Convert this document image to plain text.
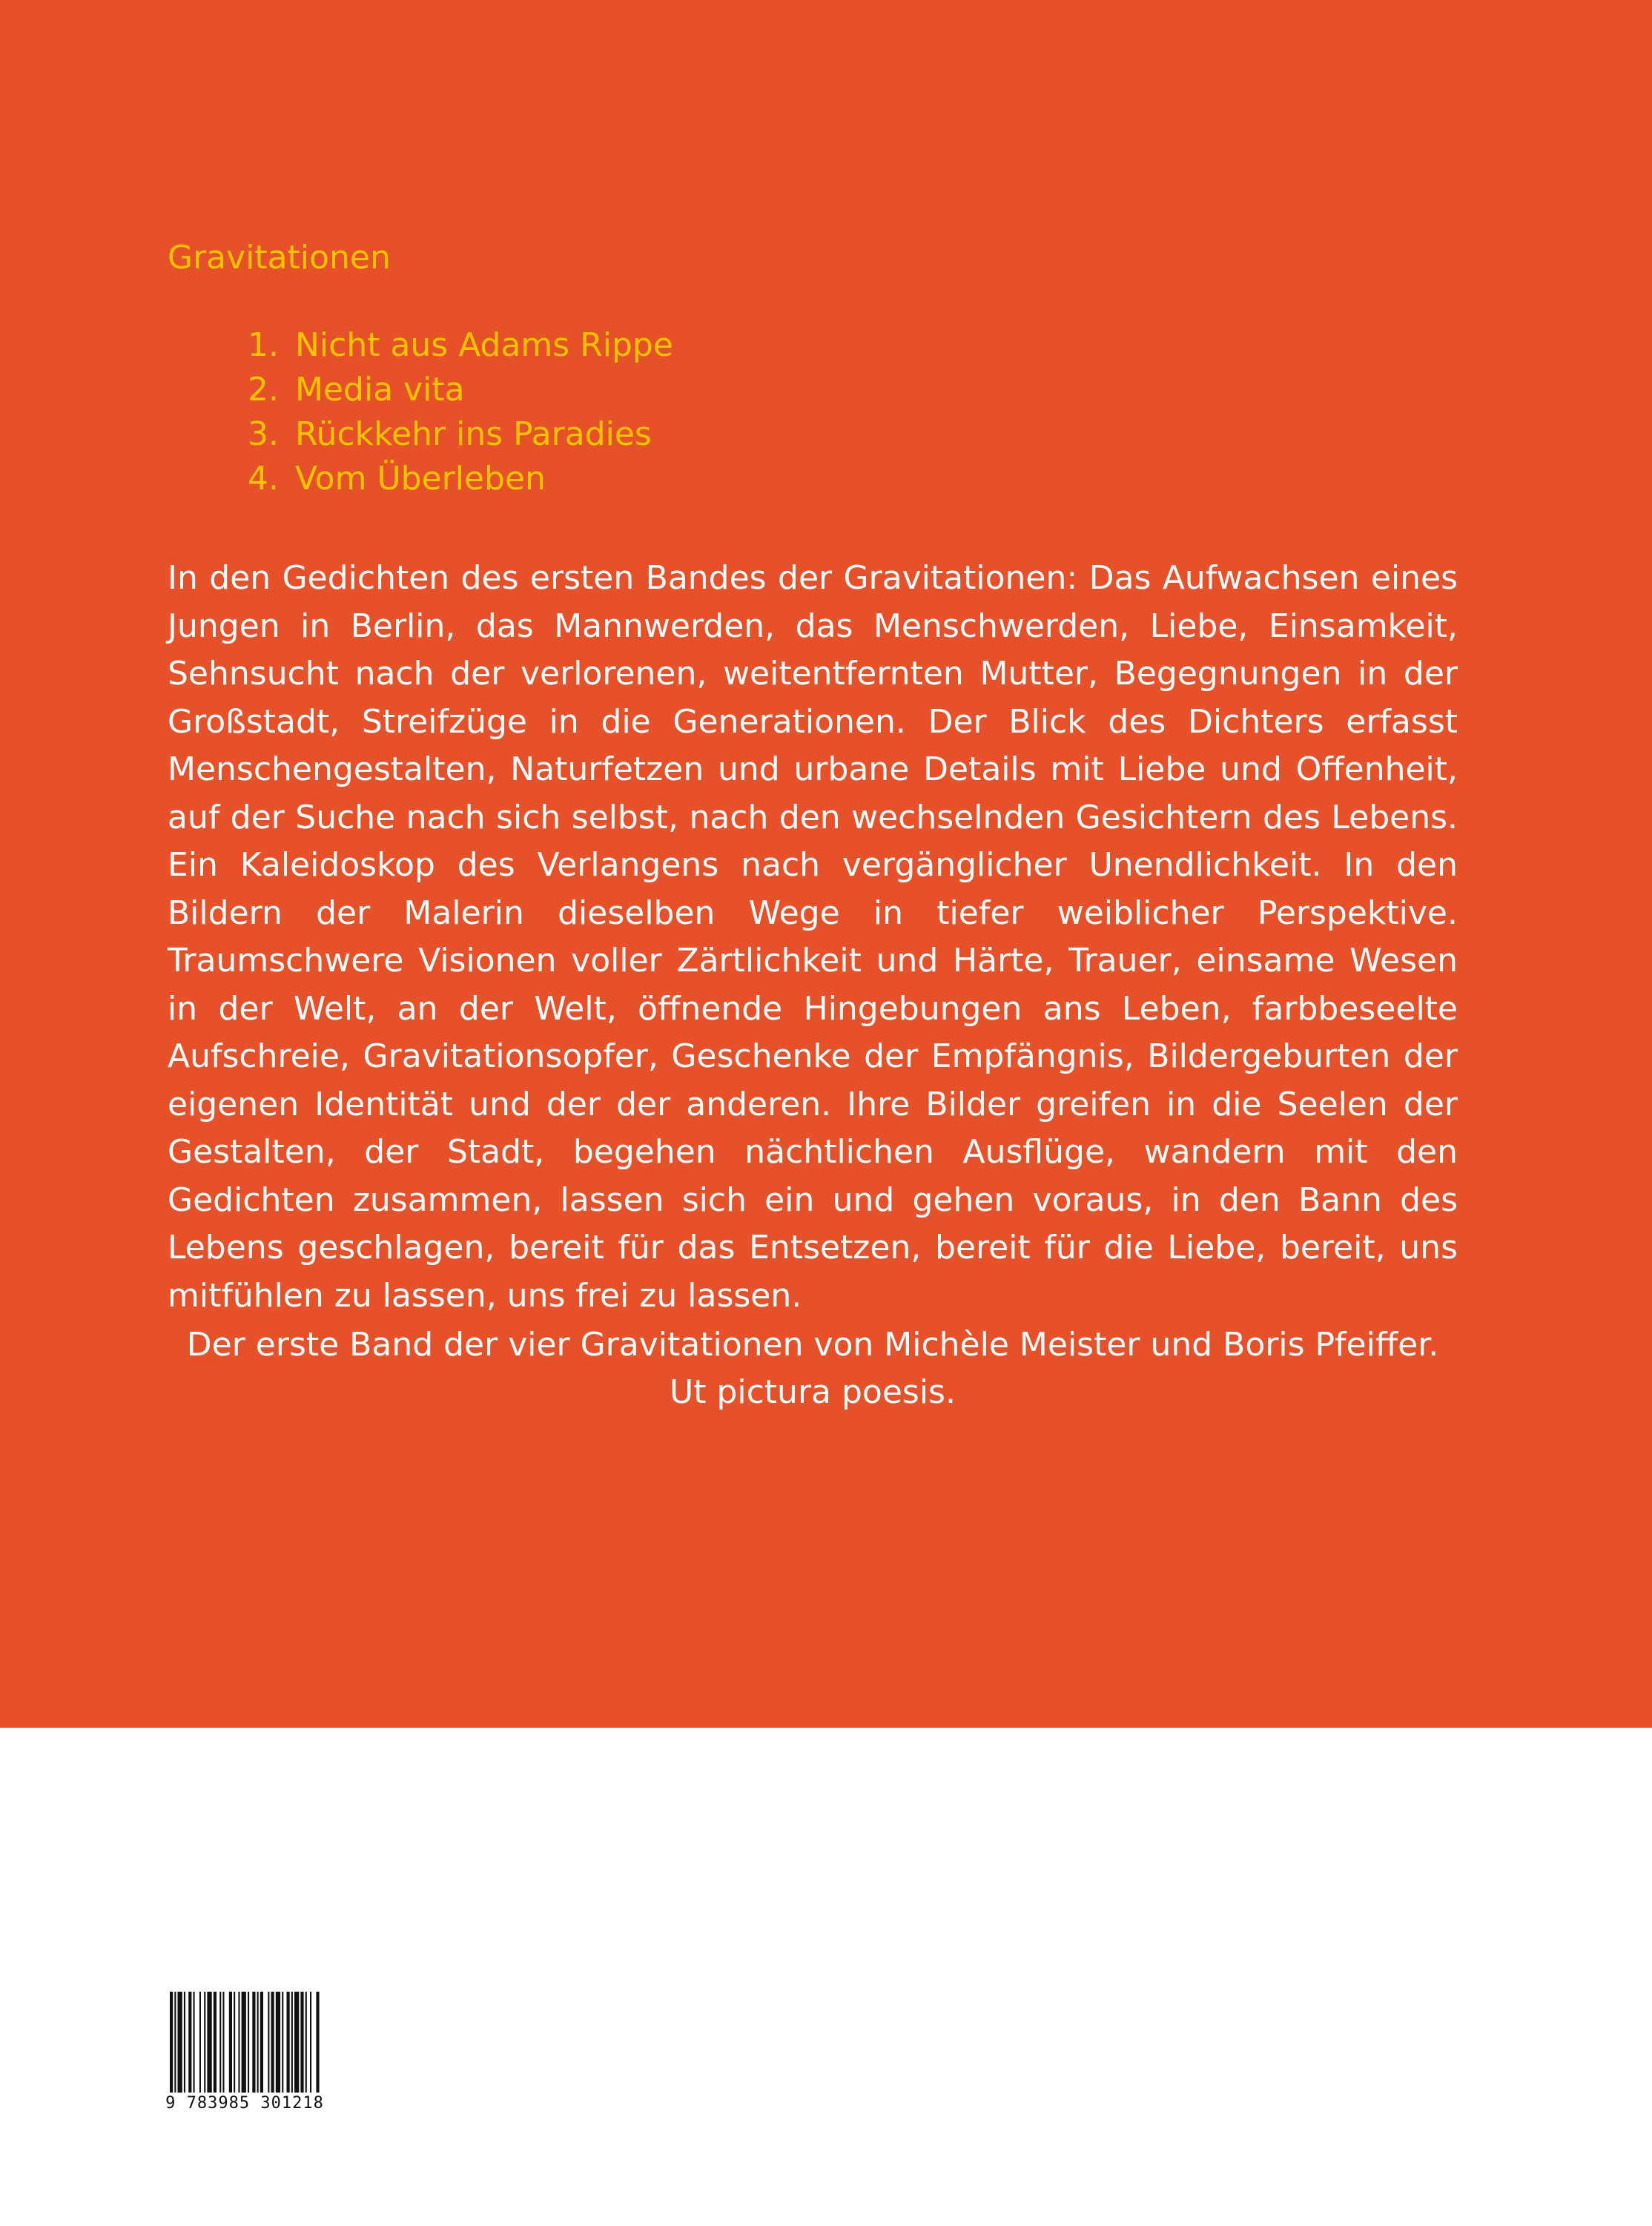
Gravitationen
1. Nicht aus Adams Rippe
2. Media vita
3. Rückkehr ins Paradies
4. Vom Überleben

In den Gedichten des ersten Bandes der Gravitationen: Das Aufwachsen eines Jungen in Berlin, das Mannwerden, das Menschwerden, Liebe, Einsamkeit, Sehnsucht nach der verlorenen, weitentfernten Mutter, Begegnungen in der Großstadt, Streifzüge in die Generationen. Der Blick des Dichters erfasst Menschengestalten, Naturfetzen und urbane Details mit Liebe und Offenheit, auf der Suche nach sich selbst, nach den wechselnden Gesichtern des Lebens. Ein Kaleidoskop des Verlangens nach vergänglicher Unendlichkeit. In den Bildern der Malerin dieselben Wege in tiefer weiblicher Perspektive. Traumschwere Visionen voller Zärtlichkeit und Härte, Trauer, einsame Wesen in der Welt, an der Welt, öffnende Hingebungen ans Leben, farbbeseelte Aufschreie, Gravitationsopfer, Geschenke der Empfängnis, Bildergeburten der eigenen Identität und der der anderen. Ihre Bilder greifen in die Seelen der Gestalten, der Stadt, begehen nächtlichen Ausflüge, wandern mit den Gedichten zusammen, lassen sich ein und gehen voraus, in den Bann des Lebens geschlagen, bereit für das Entsetzen, bereit für die Liebe, bereit, uns mitfühlen zu lassen, uns frei zu lassen.

Der erste Band der vier Gravitationen von Michèle Meister und Boris Pfeiffer.
Ut pictura poesis.
9 783985 301218
